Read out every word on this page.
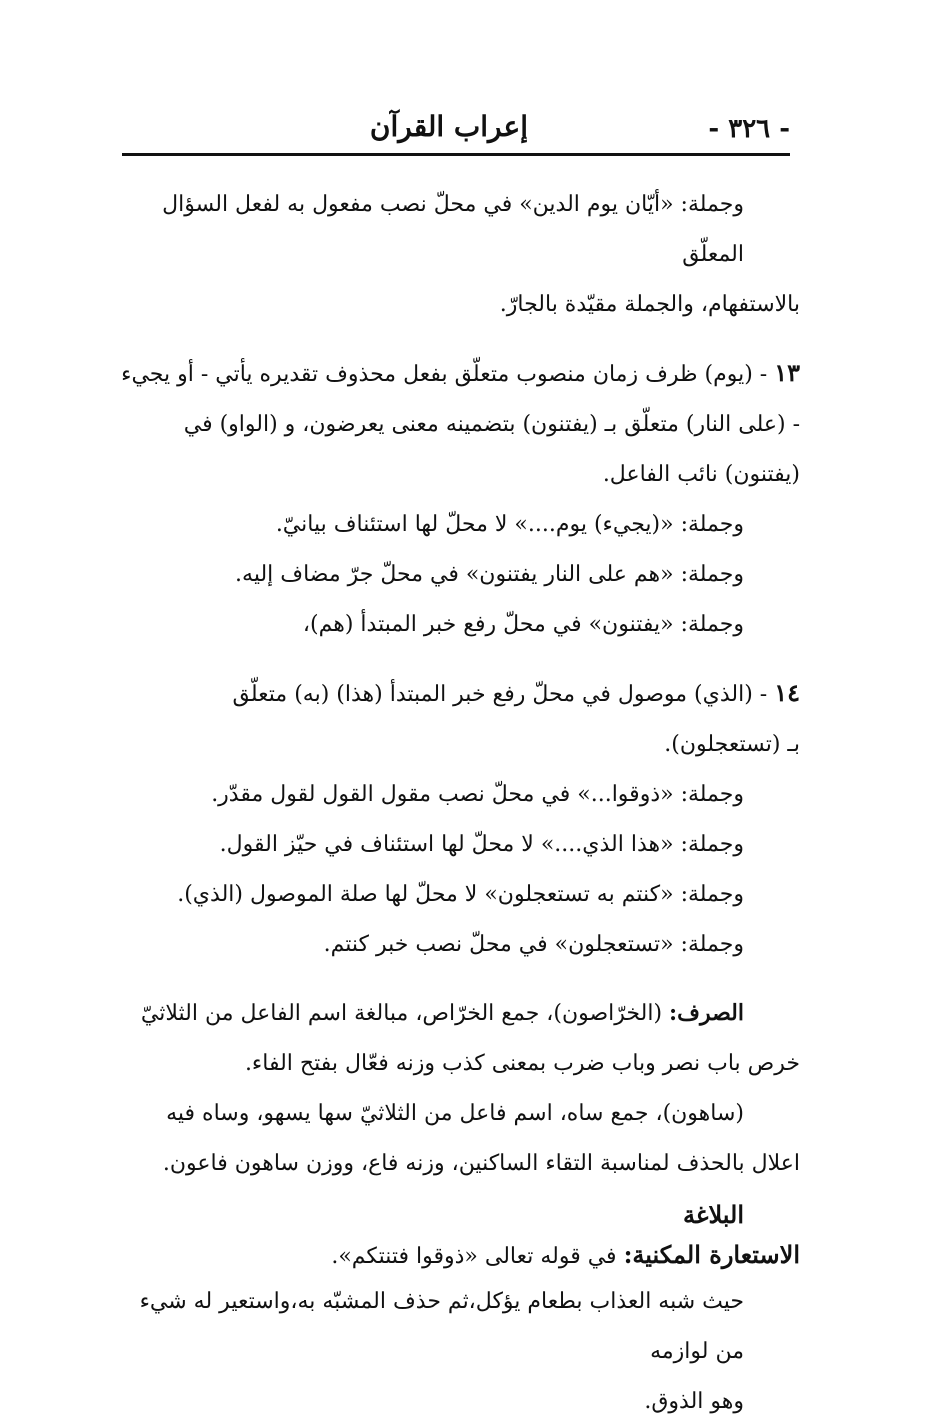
- ٣٢٦ -
إعراب القرآن

وجملة: «أيّان يوم الدين» في محلّ نصب مفعول به لفعل السؤال المعلّق

بالاستفهام، والجملة مقيّدة بالجارّ.

١٣ - (يوم) ظرف زمان منصوب متعلّق بفعل محذوف تقديره يأتي - أو يجيء

- (على النار) متعلّق بـ (يفتنون) بتضمينه معنى يعرضون، و (الواو) في

(يفتنون) نائب الفاعل.

وجملة: «(يجيء) يوم....» لا محلّ لها استئناف بيانيّ.

وجملة: «هم على النار يفتنون» في محلّ جرّ مضاف إليه.

وجملة: «يفتنون» في محلّ رفع خبر المبتدأ (هم)،

١٤ - (الذي) موصول في محلّ رفع خبر المبتدأ (هذا) (به) متعلّق

بـ (تستعجلون).

وجملة: «ذوقوا...» في محلّ نصب مقول القول لقول مقدّر.

وجملة: «هذا الذي....» لا محلّ لها استئناف في حيّز القول.

وجملة: «كنتم به تستعجلون» لا محلّ لها صلة الموصول (الذي).

وجملة: «تستعجلون» في محلّ نصب خبر كنتم.

الصرف: (الخرّاصون)، جمع الخرّاص، مبالغة اسم الفاعل من الثلاثيّ

خرص باب نصر وباب ضرب بمعنى كذب وزنه فعّال بفتح الفاء.

(ساهون)، جمع ساه، اسم فاعل من الثلاثيّ سها يسهو، وساه فيه

اعلال بالحذف لمناسبة التقاء الساكنين، وزنه فاع، ووزن ساهون فاعون.

البلاغة
الاستعارة المكنية: في قوله تعالى «ذوقوا فتنتكم».

حيث شبه العذاب بطعام يؤكل،ثم حذف المشبّه به،واستعير له شيء من لوازمه

وهو الذوق.
